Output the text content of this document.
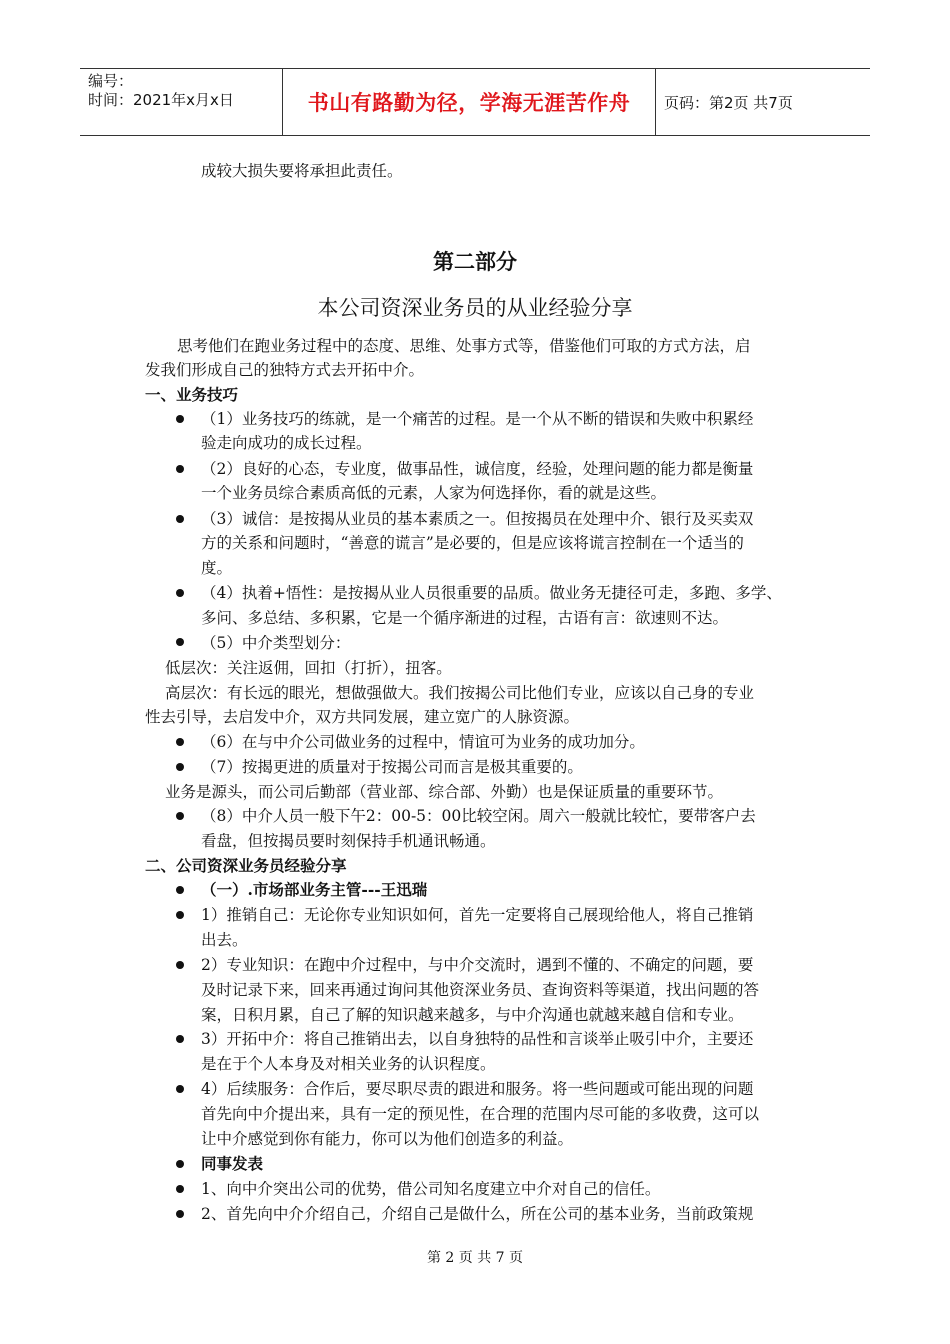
编号：
时间：2021年x月x日	书山有路勤为径，学海无涯苦作舟 页码：第2页 共7页
成较大损失要将承担此责任。
第二部分
本公司资深业务员的从业经验分享
思考他们在跑业务过程中的态度、思维、处事方式等，借鉴他们可取的方式方法，启
发我们形成自己的独特方式去开拓中介。
一、业务技巧
（1）业务技巧的练就，是一个痛苦的过程。是一个从不断的错误和失败中积累经
验走向成功的成长过程。
（2）良好的心态，专业度，做事品性，诚信度，经验，处理问题的能力都是衡量
一个业务员综合素质高低的元素，人家为何选择你，看的就是这些。
（3）诚信：是按揭从业员的基本素质之一。但按揭员在处理中介、银行及买卖双
方的关系和问题时，“善意的谎言”是必要的，但是应该将谎言控制在一个适当的
度。
（4）执着+悟性：是按揭从业人员很重要的品质。做业务无捷径可走，多跑、多学、
多问、多总结、多积累，它是一个循序渐进的过程，古语有言：欲速则不达。
（5）中介类型划分：
低层次：关注返佣，回扣（打折），扭客。
高层次：有长远的眼光，想做强做大。我们按揭公司比他们专业，应该以自己身的专业
性去引导，去启发中介，双方共同发展，建立宽广的人脉资源。
（6）在与中介公司做业务的过程中，情谊可为业务的成功加分。
（7）按揭更进的质量对于按揭公司而言是极其重要的。
业务是源头，而公司后勤部（营业部、综合部、外勤）也是保证质量的重要环节。
（8）中介人员一般下午2：00-5：00比较空闲。周六一般就比较忙，要带客户去
看盘，但按揭员要时刻保持手机通讯畅通。
二、公司资深业务员经验分享
（一）.市场部业务主管---王迅瑞
1）推销自己：无论你专业知识如何，首先一定要将自己展现给他人，将自己推销
出去。
2）专业知识：在跑中介过程中，与中介交流时，遇到不懂的、不确定的问题，要
及时记录下来，回来再通过询问其他资深业务员、查询资料等渠道，找出问题的答
案，日积月累，自己了解的知识越来越多，与中介沟通也就越来越自信和专业。
3）开拓中介：将自己推销出去，以自身独特的品性和言谈举止吸引中介，主要还
是在于个人本身及对相关业务的认识程度。
4）后续服务：合作后，要尽职尽责的跟进和服务。将一些问题或可能出现的问题
首先向中介提出来，具有一定的预见性，在合理的范围内尽可能的多收费，这可以
让中介感觉到你有能力，你可以为他们创造多的利益。
同事发表
1、向中介突出公司的优势，借公司知名度建立中介对自己的信任。
2、首先向中介介绍自己，介绍自己是做什么，所在公司的基本业务，当前政策规
第 2 页 共 7 页
